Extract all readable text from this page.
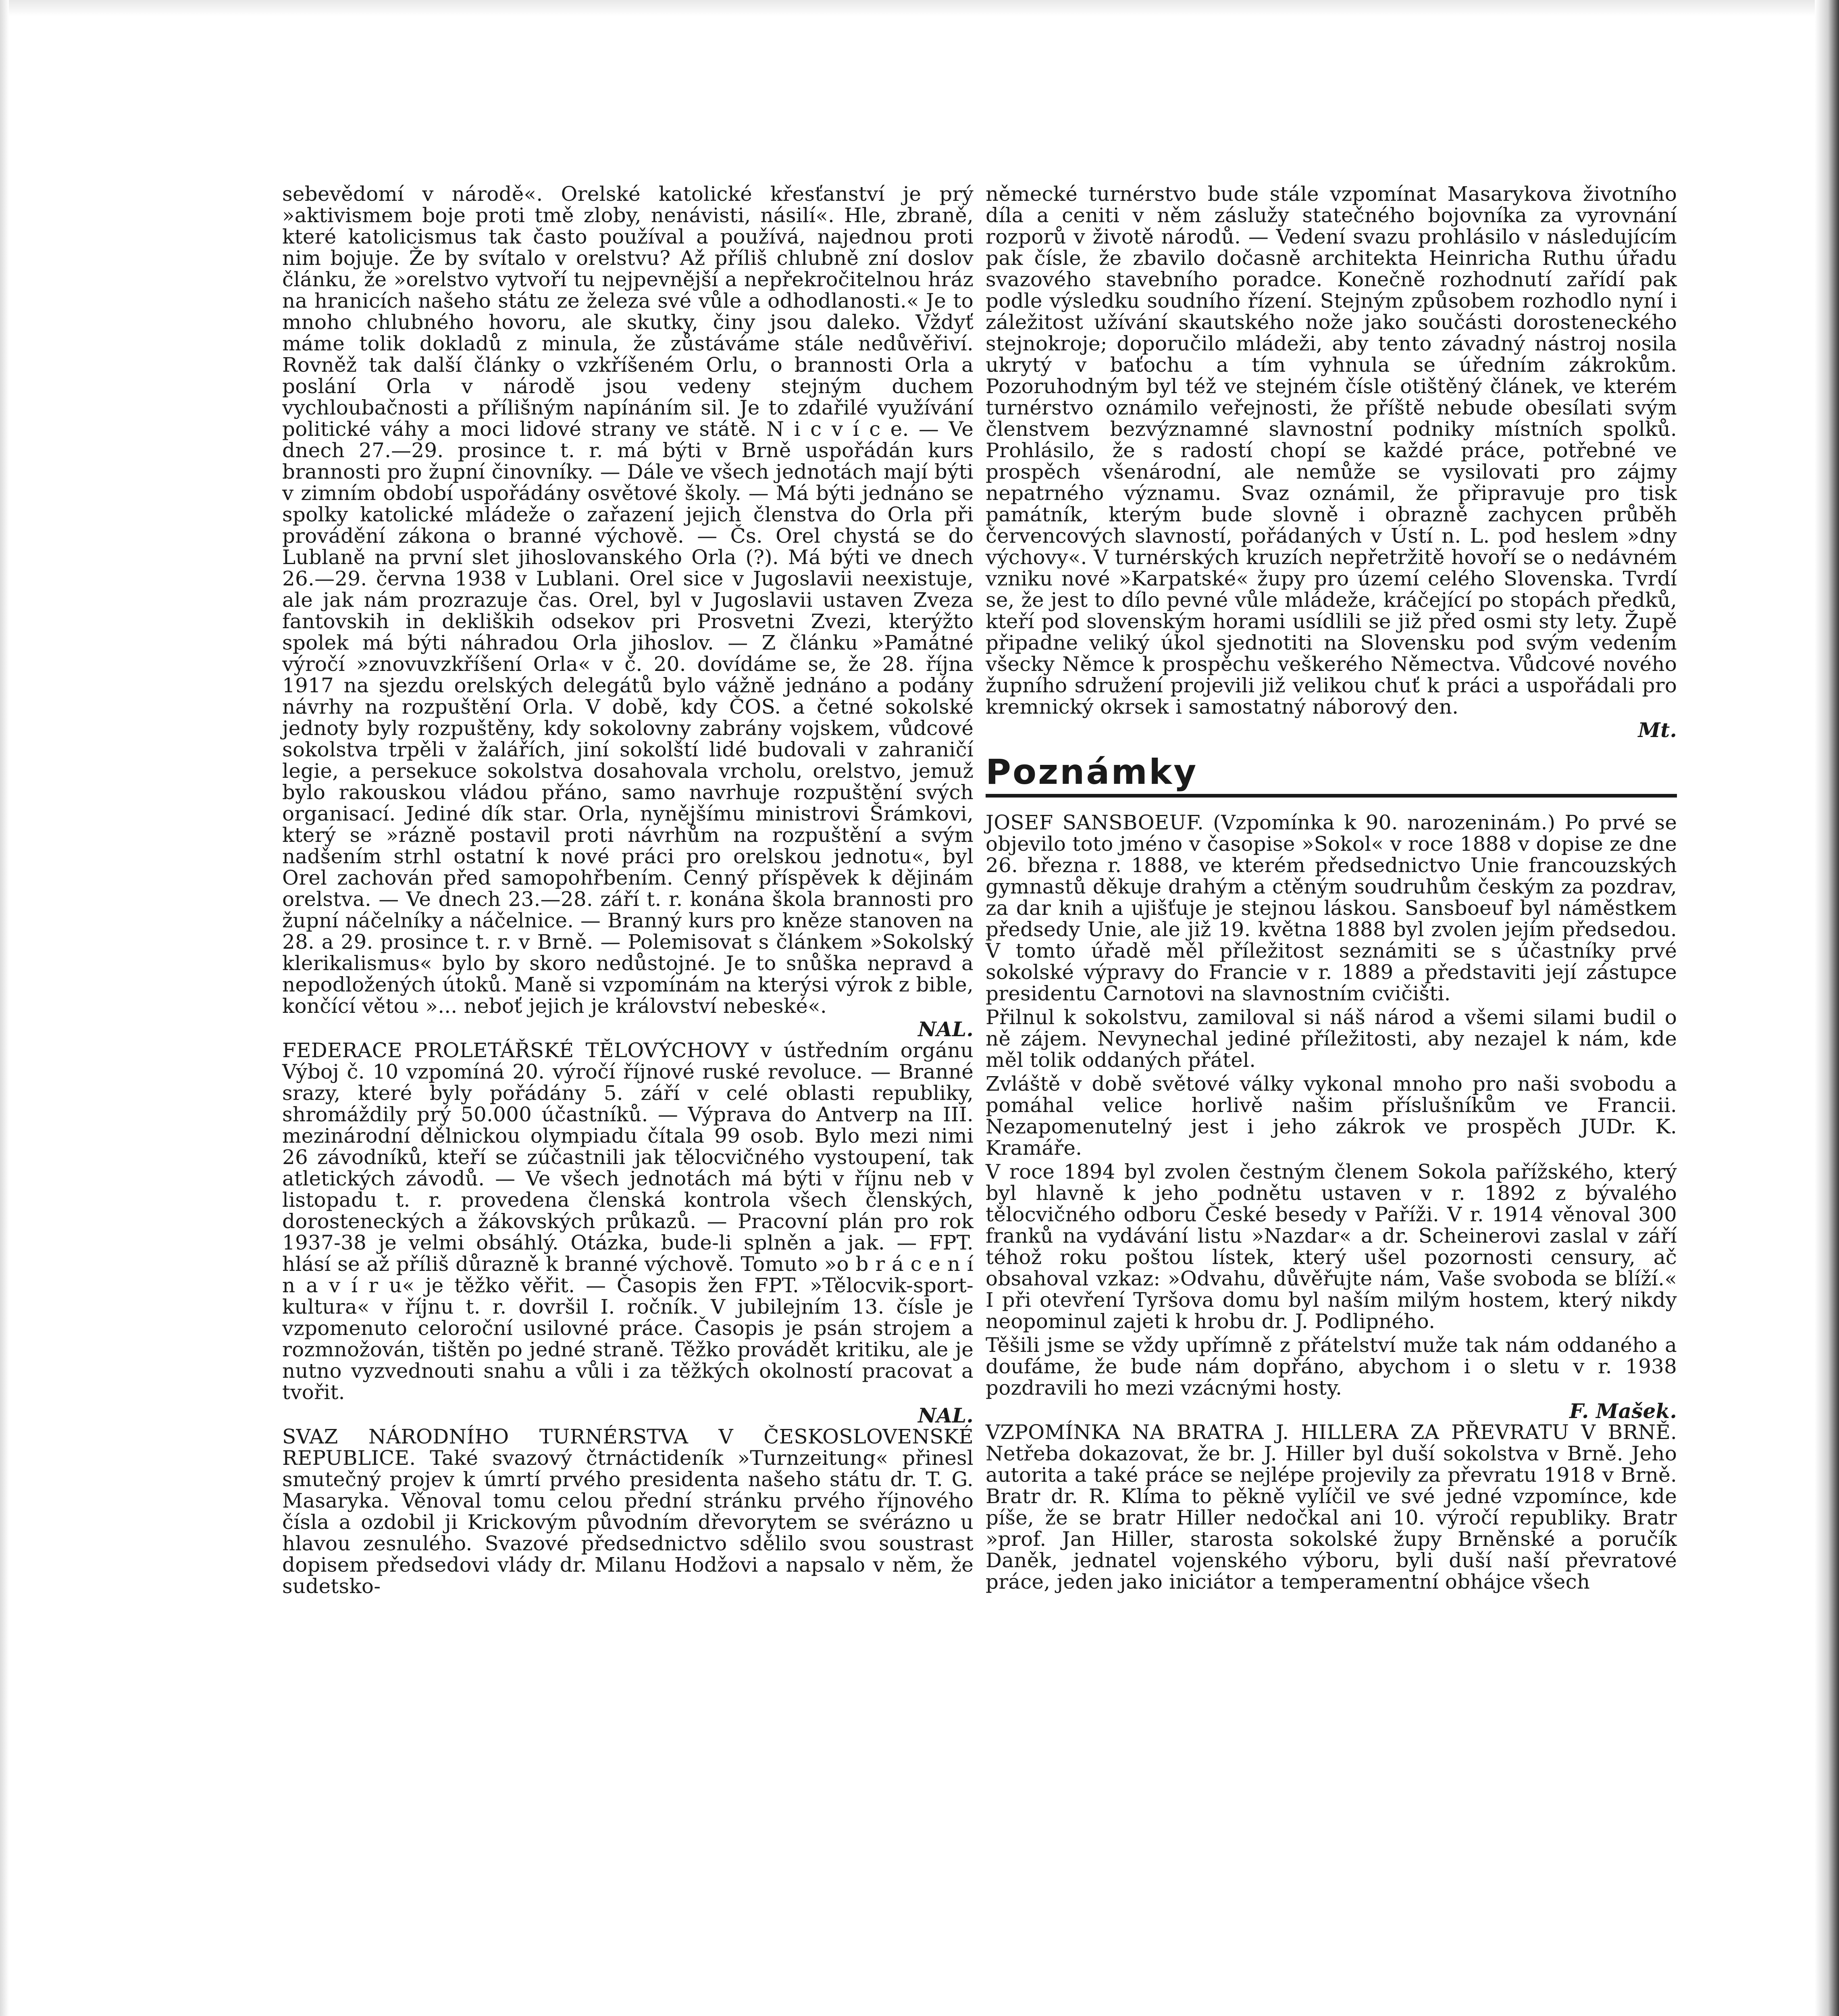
sebevědomí v národě«. Orelské katolické křesťanství je prý »aktivismem boje proti tmě zloby, nenávisti, násilí«. Hle, zbraně, které katolicismus tak často používal a používá, najednou proti nim bojuje. Že by svítalo v orelstvu? Až příliš chlubně zní doslov článku, že »orelstvo vytvoří tu nejpevnější a nepřekročitelnou hráz na hranicích našeho státu ze železa své vůle a odhodlanosti.« Je to mnoho chlubného hovoru, ale skutky, činy jsou daleko. Vždyť máme tolik dokladů z minula, že zůstáváme stále nedůvěřiví. Rovněž tak další články o vzkříšeném Orlu, o brannosti Orla a poslání Orla v národě jsou vedeny stejným duchem vychloubačnosti a přílišným napínáním sil. Je to zdařilé využívání politické váhy a moci lidové strany ve státě. N i c v í c e. — Ve dnech 27.—29. prosince t. r. má býti v Brně uspořádán kurs brannosti pro župní činovníky. — Dále ve všech jednotách mají býti v zimním období uspořádány osvětové školy. — Má býti jednáno se spolky katolické mládeže o zařazení jejich členstva do Orla při provádění zákona o branné výchově. — Čs. Orel chystá se do Lublaně na první slet jihoslovanského Orla (?). Má býti ve dnech 26.—29. června 1938 v Lublani. Orel sice v Jugoslavii neexistuje, ale jak nám prozrazuje čas. Orel, byl v Jugoslavii ustaven Zveza fantovskih in dekliških odsekov pri Prosvetni Zvezi, kterýžto spolek má býti náhradou Orla jihoslov. — Z článku »Památné výročí »znovuvzkříšení Orla« v č. 20. dovídáme se, že 28. října 1917 na sjezdu orelských delegátů bylo vážně jednáno a podány návrhy na rozpuštění Orla. V době, kdy ČOS. a četné sokolské jednoty byly rozpuštěny, kdy sokolovny zabrány vojskem, vůdcové sokolstva trpěli v žalářích, jiní sokolští lidé budovali v zahraničí legie, a persekuce sokolstva dosahovala vrcholu, orelstvo, jemuž bylo rakouskou vládou přáno, samo navrhuje rozpuštění svých organisací. Jediné dík star. Orla, nynějšímu ministrovi Šrámkovi, který se »rázně postavil proti návrhům na rozpuštění a svým nadšením strhl ostatní k nové práci pro orelskou jednotu«, byl Orel zachován před samopohřbením. Cenný příspěvek k dějinám orelstva. — Ve dnech 23.—28. září t. r. konána škola brannosti pro župní náčelníky a náčelnice. — Branný kurs pro kněze stanoven na 28. a 29. prosince t. r. v Brně. — Polemisovat s článkem »Sokolský klerikalismus« bylo by skoro nedůstojné. Je to snůška nepravd a nepodložených útoků. Maně si vzpomínám na kterýsi výrok z bible, končící větou »... neboť jejich je království nebeské«.

NAL.

FEDERACE PROLETÁŘSKÉ TĚLOVÝCHOVY v ústředním orgánu Výboj č. 10 vzpomíná 20. výročí říjnové ruské revoluce. — Branné srazy, které byly pořádány 5. září v celé oblasti republiky, shromáždily prý 50.000 účastníků. — Výprava do Antverp na III. mezinárodní dělnickou olympiadu čítala 99 osob. Bylo mezi nimi 26 závodníků, kteří se zúčastnili jak tělocvičného vystoupení, tak atletických závodů. — Ve všech jednotách má býti v říjnu neb v listopadu t. r. provedena členská kontrola všech členských, dorosteneckých a žákovských průkazů. — Pracovní plán pro rok 1937-38 je velmi obsáhlý. Otázka, bude-li splněn a jak. — FPT. hlásí se až příliš důrazně k branné výchově. Tomuto »o b r á c e n í n a v í r u« je těžko věřit. — Časopis žen FPT. »Tělocvik-sport-kultura« v říjnu t. r. dovršil I. ročník. V jubilejním 13. čísle je vzpomenuto celoroční usilovné práce. Časopis je psán strojem a rozmnožován, tištěn po jedné straně. Těžko provádět kritiku, ale je nutno vyzvednouti snahu a vůli i za těžkých okolností pracovat a tvořit.

NAL.

SVAZ NÁRODNÍHO TURNÉRSTVA V ČESKOSLOVENSKÉ REPUBLICE. Také svazový čtrnáctideník »Turnzeitung« přinesl smutečný projev k úmrtí prvého presidenta našeho státu dr. T. G. Masaryka. Věnoval tomu celou přední stránku prvého říjnového čísla a ozdobil ji Krickovým původním dřevorytem se svérázno u hlavou zesnulého. Svazové předsednictvo sdělilo svou soustrast dopisem předsedovi vlády dr. Milanu Hodžovi a napsalo v něm, že sudetsko-

německé turnérstvo bude stále vzpomínat Masarykova životního díla a ceniti v něm záslužy statečného bojovníka za vyrovnání rozporů v životě národů. — Vedení svazu prohlásilo v následujícím pak čísle, že zbavilo dočasně architekta Heinricha Ruthu úřadu svazového stavebního poradce. Konečně rozhodnutí zařídí pak podle výsledku soudního řízení. Stejným způsobem rozhodlo nyní i záležitost užívání skautského nože jako součásti dorosteneckého stejnokroje; doporučilo mládeži, aby tento závadný nástroj nosila ukrytý v baťochu a tím vyhnula se úředním zákrokům. Pozoruhodným byl též ve stejném čísle otištěný článek, ve kterém turnérstvo oznámilo veřejnosti, že příště nebude obesílati svým členstvem bezvýznamné slavnostní podniky místních spolků. Prohlásilo, že s radostí chopí se každé práce, potřebné ve prospěch všenárodní, ale nemůže se vysilovati pro zájmy nepatrného významu. Svaz oznámil, že připravuje pro tisk památník, kterým bude slovně i obrazně zachycen průběh červencových slavností, pořádaných v Ústí n. L. pod heslem »dny výchovy«. V turnérských kruzích nepřetržitě hovoří se o nedávném vzniku nové »Karpatské« župy pro území celého Slovenska. Tvrdí se, že jest to dílo pevné vůle mládeže, kráčející po stopách předků, kteří pod slovenským horami usídlili se již před osmi sty lety. Župě připadne veliký úkol sjednotiti na Slovensku pod svým vedením všecky Němce k prospěchu veškerého Němectva. Vůdcové nového župního sdružení projevili již velikou chuť k práci a uspořádali pro kremnický okrsek i samostatný náborový den.

Mt.
Poznámky

JOSEF SANSBOEUF. (Vzpomínka k 90. narozeninám.) Po prvé se objevilo toto jméno v časopise »Sokol« v roce 1888 v dopise ze dne 26. března r. 1888, ve kterém předsednictvo Unie francouzských gymnastů děkuje drahým a ctěným soudruhům českým za pozdrav, za dar knih a ujišťuje je stejnou láskou. Sansboeuf byl náměstkem předsedy Unie, ale již 19. května 1888 byl zvolen jejím předsedou. V tomto úřadě měl příležitost seznámiti se s účastníky prvé sokolské výpravy do Francie v r. 1889 a představiti její zástupce presidentu Carnotovi na slavnostním cvičišti.

Přilnul k sokolstvu, zamiloval si náš národ a všemi silami budil o ně zájem. Nevynechal jediné příležitosti, aby nezajel k nám, kde měl tolik oddaných přátel.

Zvláště v době světové války vykonal mnoho pro naši svobodu a pomáhal velice horlivě našim příslušníkům ve Francii. Nezapomenutelný jest i jeho zákrok ve prospěch JUDr. K. Kramáře.

V roce 1894 byl zvolen čestným členem Sokola pařížského, který byl hlavně k jeho podnětu ustaven v r. 1892 z bývalého tělocvičného odboru České besedy v Paříži. V r. 1914 věnoval 300 franků na vydávání listu »Nazdar« a dr. Scheinerovi zaslal v září téhož roku poštou lístek, který ušel pozornosti censury, ač obsahoval vzkaz: »Odvahu, důvěřujte nám, Vaše svoboda se blíží.« I při otevření Tyršova domu byl naším milým hostem, který nikdy neopominul zajeti k hrobu dr. J. Podlipného.

Těšili jsme se vždy upřímně z přátelství muže tak nám oddaného a doufáme, že bude nám dopřáno, abychom i o sletu v r. 1938 pozdravili ho mezi vzácnými hosty.

F. Mašek.

VZPOMÍNKA NA BRATRA J. HILLERA ZA PŘEVRATU V BRNĚ. Netřeba dokazovat, že br. J. Hiller byl duší sokolstva v Brně. Jeho autorita a také práce se nejlépe projevily za převratu 1918 v Brně. Bratr dr. R. Klíma to pěkně vylíčil ve své jedné vzpomínce, kde píše, že se bratr Hiller nedočkal ani 10. výročí republiky. Bratr »prof. Jan Hiller, starosta sokolské župy Brněnské a poručík Daněk, jednatel vojenského výboru, byli duší naší převratové práce, jeden jako iniciátor a temperamentní obhájce všech
